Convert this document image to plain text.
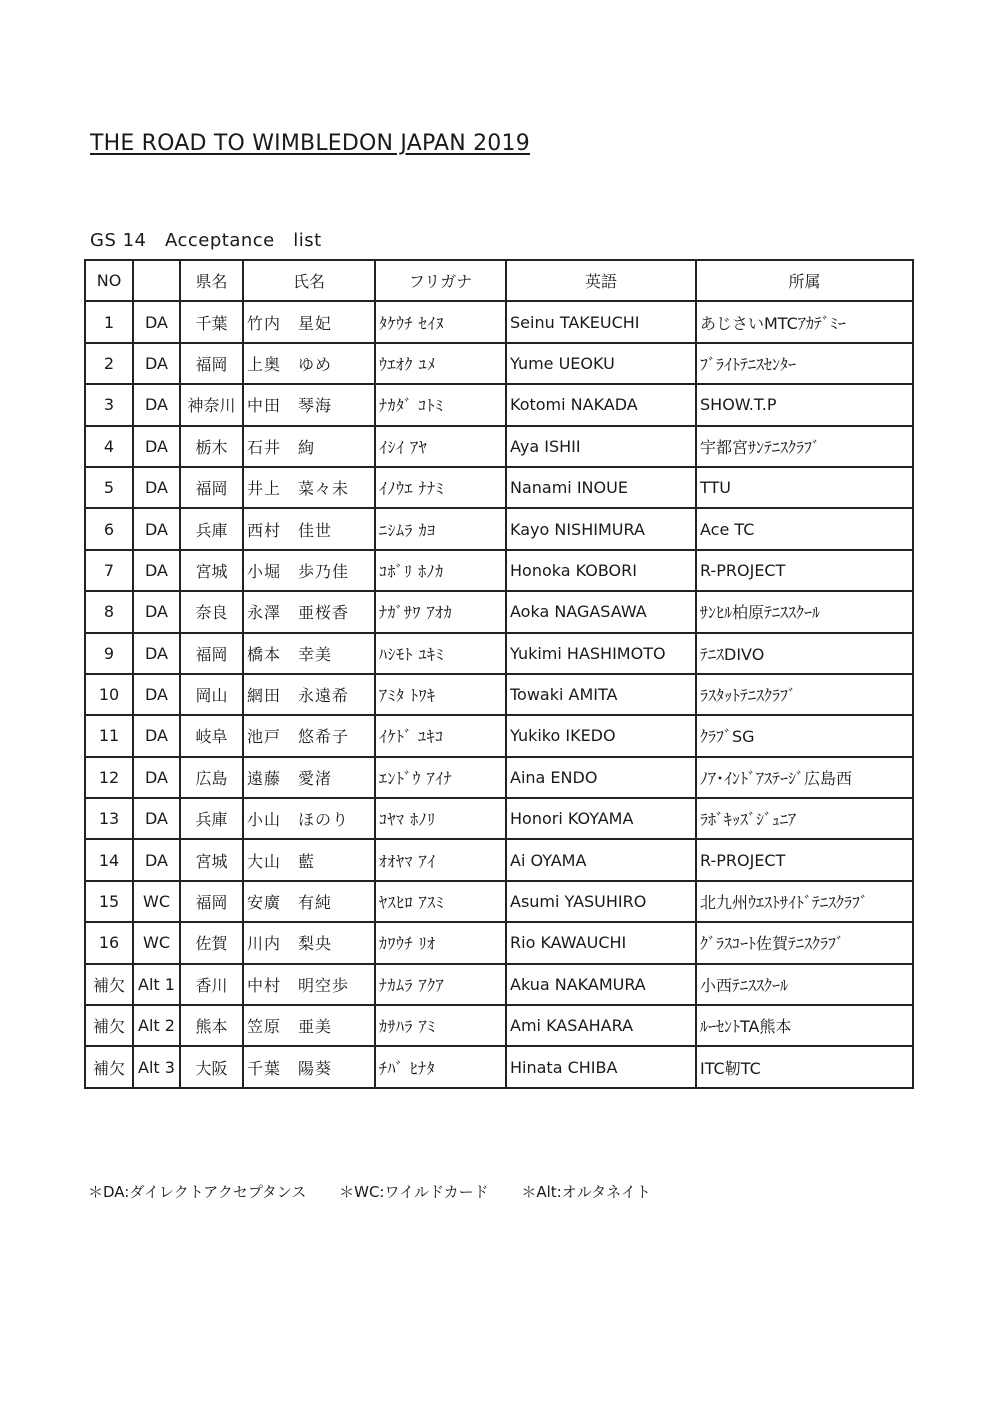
THE ROAD TO WIMBLEDON JAPAN 2019
GS 14　Acceptance　list
NO		県名	氏名	フリガナ	英語	所属
1	DA	千葉	竹内　星妃	ﾀｹｳﾁ ｾｲﾇ	Seinu TAKEUCHI	あじさいMTCｱｶﾃﾞﾐｰ
2	DA	福岡	上奥　ゆめ	ｳｴｵｸ ﾕﾒ	Yume UEOKU	ﾌﾞﾗｲﾄﾃﾆｽｾﾝﾀｰ
3	DA	神奈川	中田　琴海	ﾅｶﾀﾞ ｺﾄﾐ	Kotomi NAKADA	SHOW.T.P
4	DA	栃木	石井　絢	ｲｼｲ ｱﾔ	Aya ISHII	宇都宮ｻﾝﾃﾆｽｸﾗﾌﾞ
5	DA	福岡	井上　菜々未	ｲﾉｳｴ ﾅﾅﾐ	Nanami INOUE	TTU
6	DA	兵庫	西村　佳世	ﾆｼﾑﾗ ｶﾖ	Kayo NISHIMURA	Ace TC
7	DA	宮城	小堀　歩乃佳	ｺﾎﾞﾘ ﾎﾉｶ	Honoka KOBORI	R-PROJECT
8	DA	奈良	永澤　亜桜香	ﾅｶﾞｻﾜ ｱｵｶ	Aoka NAGASAWA	ｻﾝﾋﾙ柏原ﾃﾆｽｽｸｰﾙ
9	DA	福岡	橋本　幸美	ﾊｼﾓﾄ ﾕｷﾐ	Yukimi HASHIMOTO	ﾃﾆｽDIVO
10	DA	岡山	網田　永遠希	ｱﾐﾀ ﾄﾜｷ	Towaki AMITA	ﾗｽﾀｯﾄﾃﾆｽｸﾗﾌﾞ
11	DA	岐阜	池戸　悠希子	ｲｹﾄﾞ ﾕｷｺ	Yukiko IKEDO	ｸﾗﾌﾞSG
12	DA	広島	遠藤　愛渚	ｴﾝﾄﾞｳ ｱｲﾅ	Aina ENDO	ﾉｱ･ｲﾝﾄﾞｱｽﾃｰｼﾞ広島西
13	DA	兵庫	小山　ほのり	ｺﾔﾏ ﾎﾉﾘ	Honori KOYAMA	ﾗﾎﾞｷｯｽﾞｼﾞｭﾆｱ
14	DA	宮城	大山　藍	ｵｵﾔﾏ ｱｲ	Ai OYAMA	R-PROJECT
15	WC	福岡	安廣　有純	ﾔｽﾋﾛ ｱｽﾐ	Asumi YASUHIRO	北九州ｳｴｽﾄｻｲﾄﾞﾃﾆｽｸﾗﾌﾞ
16	WC	佐賀	川内　梨央	ｶﾜｳﾁ ﾘｵ	Rio KAWAUCHI	ｸﾞﾗｽｺｰﾄ佐賀ﾃﾆｽｸﾗﾌﾞ
補欠	Alt 1	香川	中村　明空歩	ﾅｶﾑﾗ ｱｸｱ	Akua NAKAMURA	小西ﾃﾆｽｽｸｰﾙ
補欠	Alt 2	熊本	笠原　亜美	ｶｻﾊﾗ ｱﾐ	Ami KASAHARA	ﾙｰｾﾝﾄTA熊本
補欠	Alt 3	大阪	千葉　陽葵	ﾁﾊﾞ ﾋﾅﾀ	Hinata CHIBA	ITC靭TC
＊DA:ダイレクトアクセプタンス ＊WC:ワイルドカード ＊Alt:オルタネイト
